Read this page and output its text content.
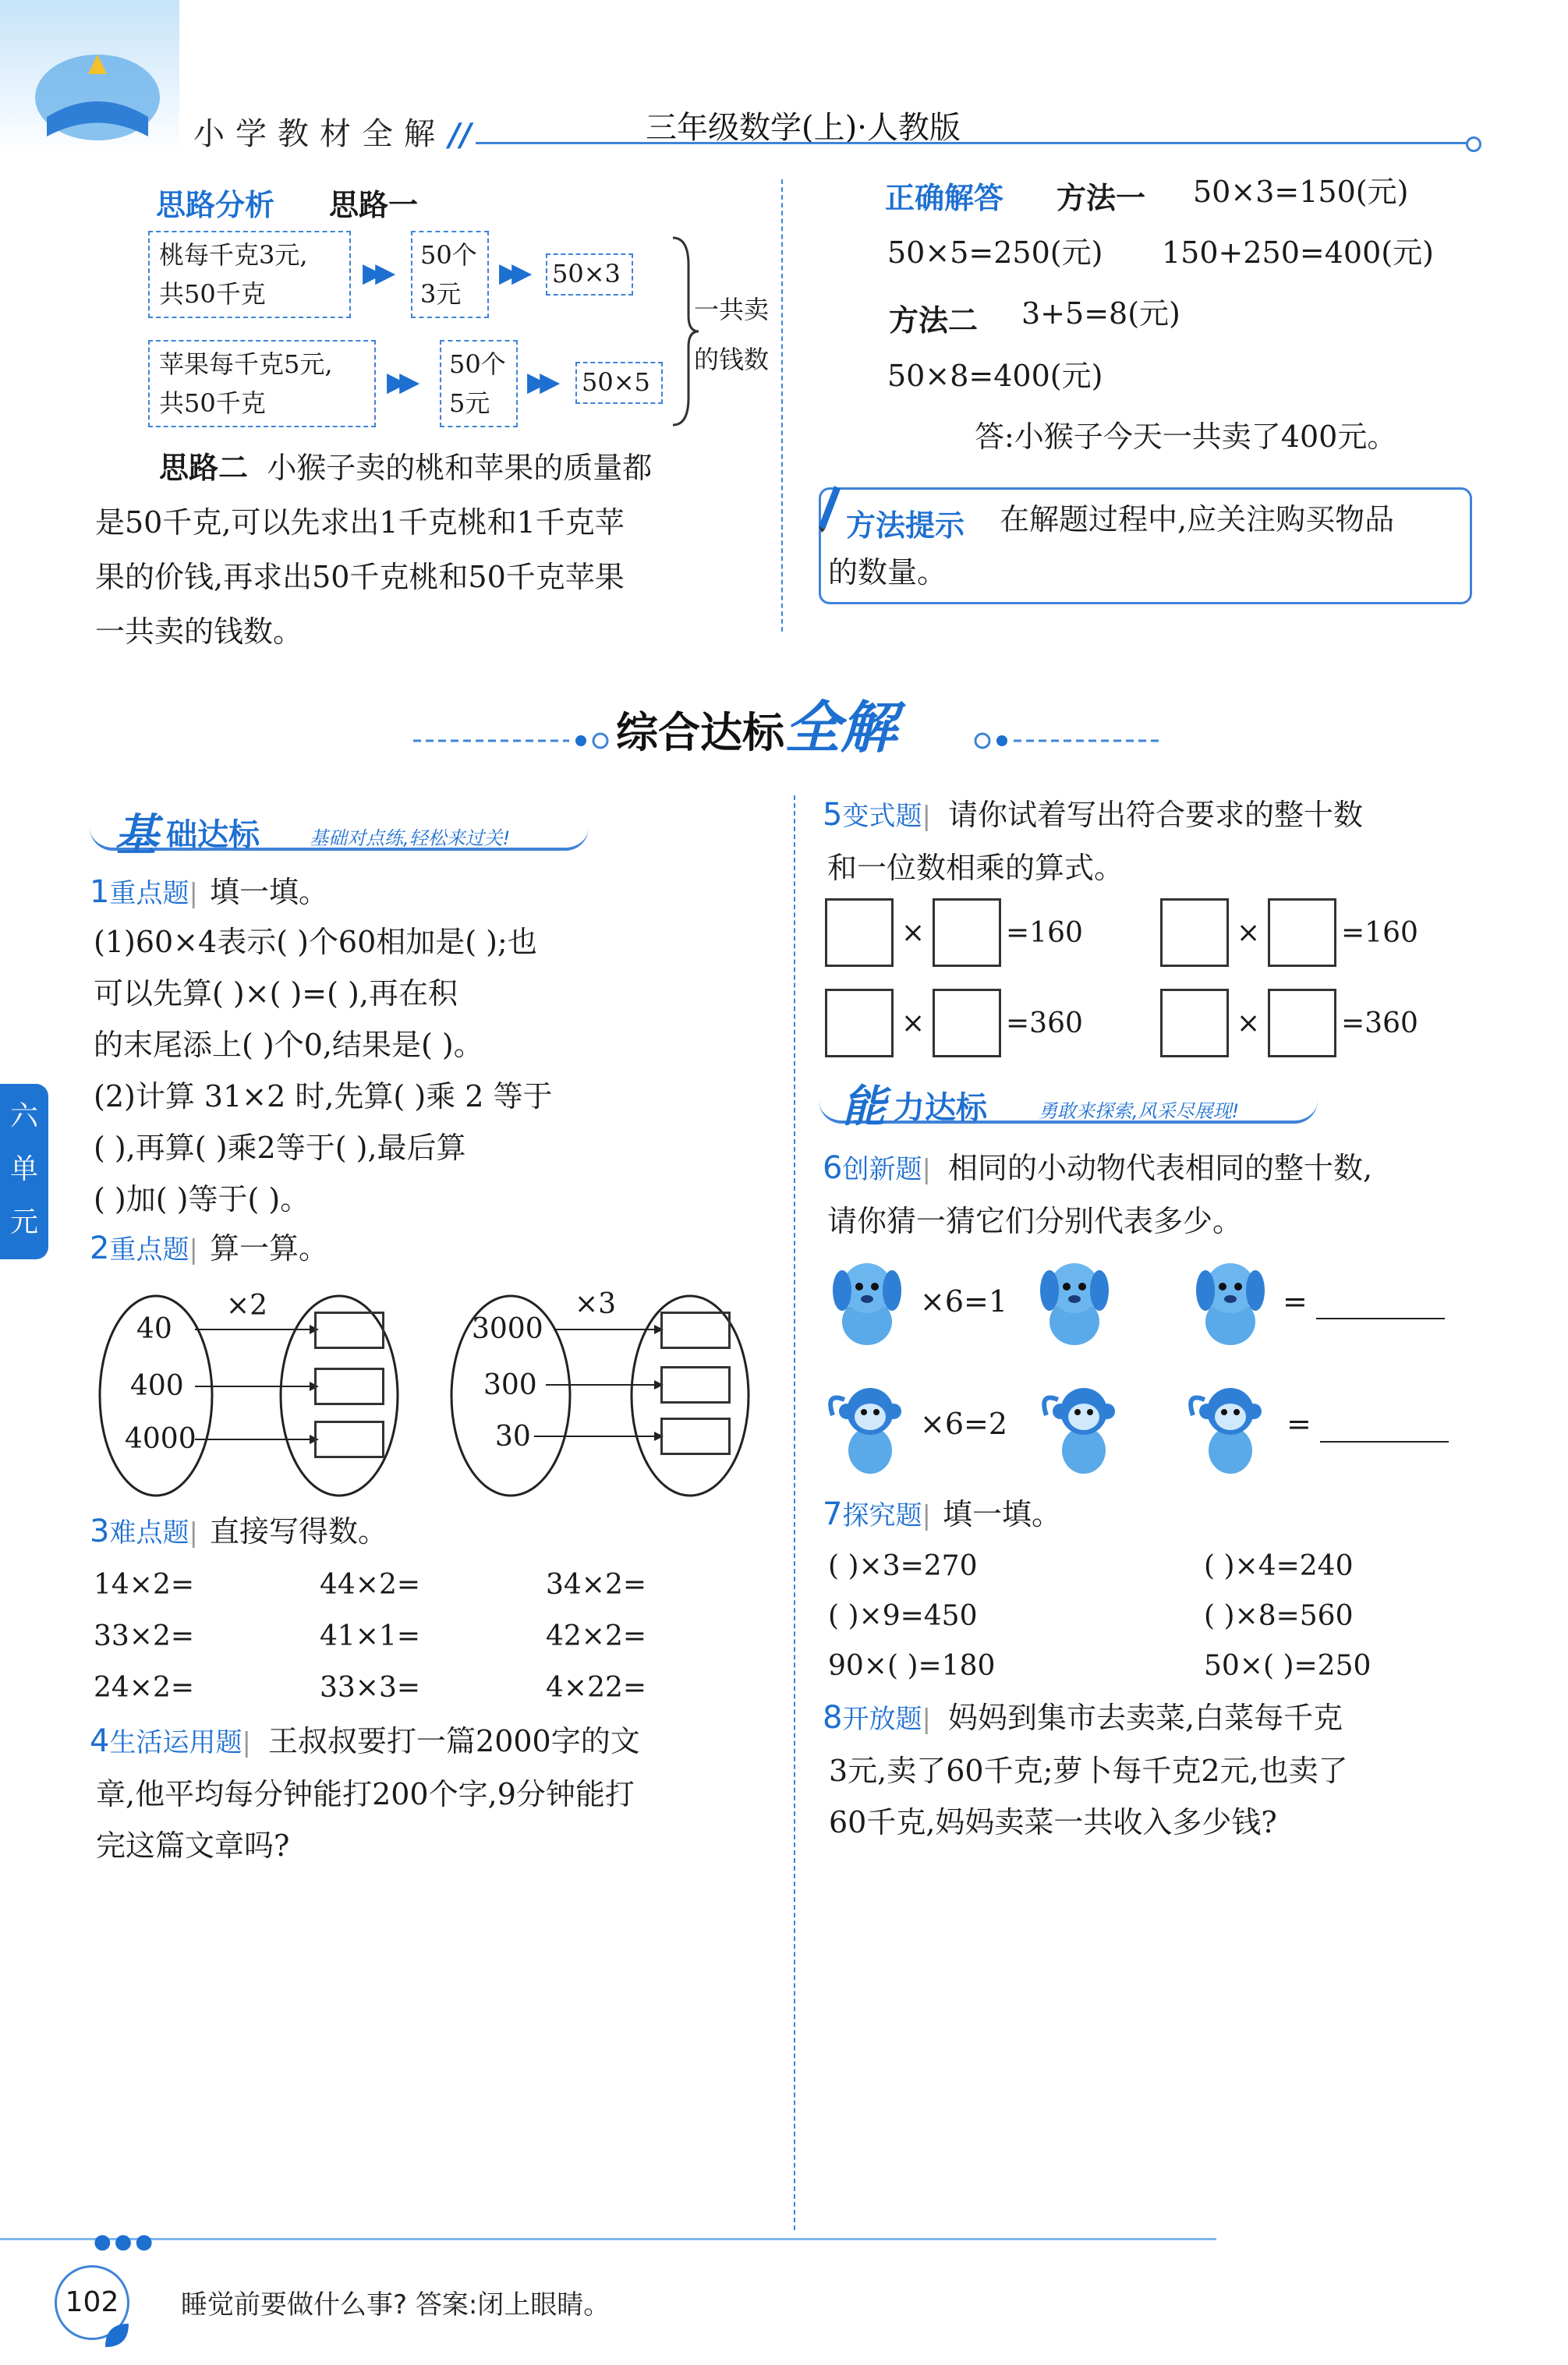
小学教材全解 //	三年级数学(上)·人教版
思路分析 思路一
桃每千克3元,
共50千克
▶▶
50个
3元
▶▶ 50×3
苹果每千克5元,
共50千克
▶▶
50个
5元
▶▶ 50×5
一共卖
的钱数
思路二 小猴子卖的桃和苹果的质量都
是50千克,可以先求出1千克桃和1千克苹
果的价钱,再求出50千克桃和50千克苹果
一共卖的钱数。
正确解答 方法一 50×3=150(元)
50×5=250(元) 150+250=400(元)
方法二 3+5=8(元)
50×8=400(元)
答:小猴子今天一共卖了400元。
方法提示 在解题过程中,应关注购买物品
的数量。
综合达标全解
基 础达标	基础对点练,轻松来过关!
1重点题| 填一填。
(1)60×4表示( )个60相加是( );也
可以先算( )×( )=( ),再在积
的末尾添上( )个0,结果是( )。
(2)计算 31×2 时,先算( )乘 2 等于
( ),再算( )乘2等于( ),最后算
( )加( )等于( )。
2重点题| 算一算。
×2
40
400
4000
×3
3000
300
30
3难点题| 直接写得数。
14×2=	44×2=	34×2=
33×2=	41×1=	42×2=
24×2=	33×3=	4×22=
4生活运用题| 王叔叔要打一篇2000字的文
章,他平均每分钟能打200个字,9分钟能打
完这篇文章吗?
5变式题| 请你试着写出符合要求的整十数
和一位数相乘的算式。
×	=160	×	=160
×	=360	×	=360
能 力达标	勇敢来探索,风采尽展现!
6创新题| 相同的小动物代表相同的整十数,
请你猜一猜它们分别代表多少。
×6=1	=
×6=2	=
7探究题| 填一填。
( )×3=270	( )×4=240
( )×9=450	( )×8=560
90×( )=180	50×( )=250
8开放题| 妈妈到集市去卖菜,白菜每千克
3元,卖了60千克;萝卜每千克2元,也卖了
60千克,妈妈卖菜一共收入多少钱?
六
单
元
●●●
102	睡觉前要做什么事? 答案:闭上眼睛。
